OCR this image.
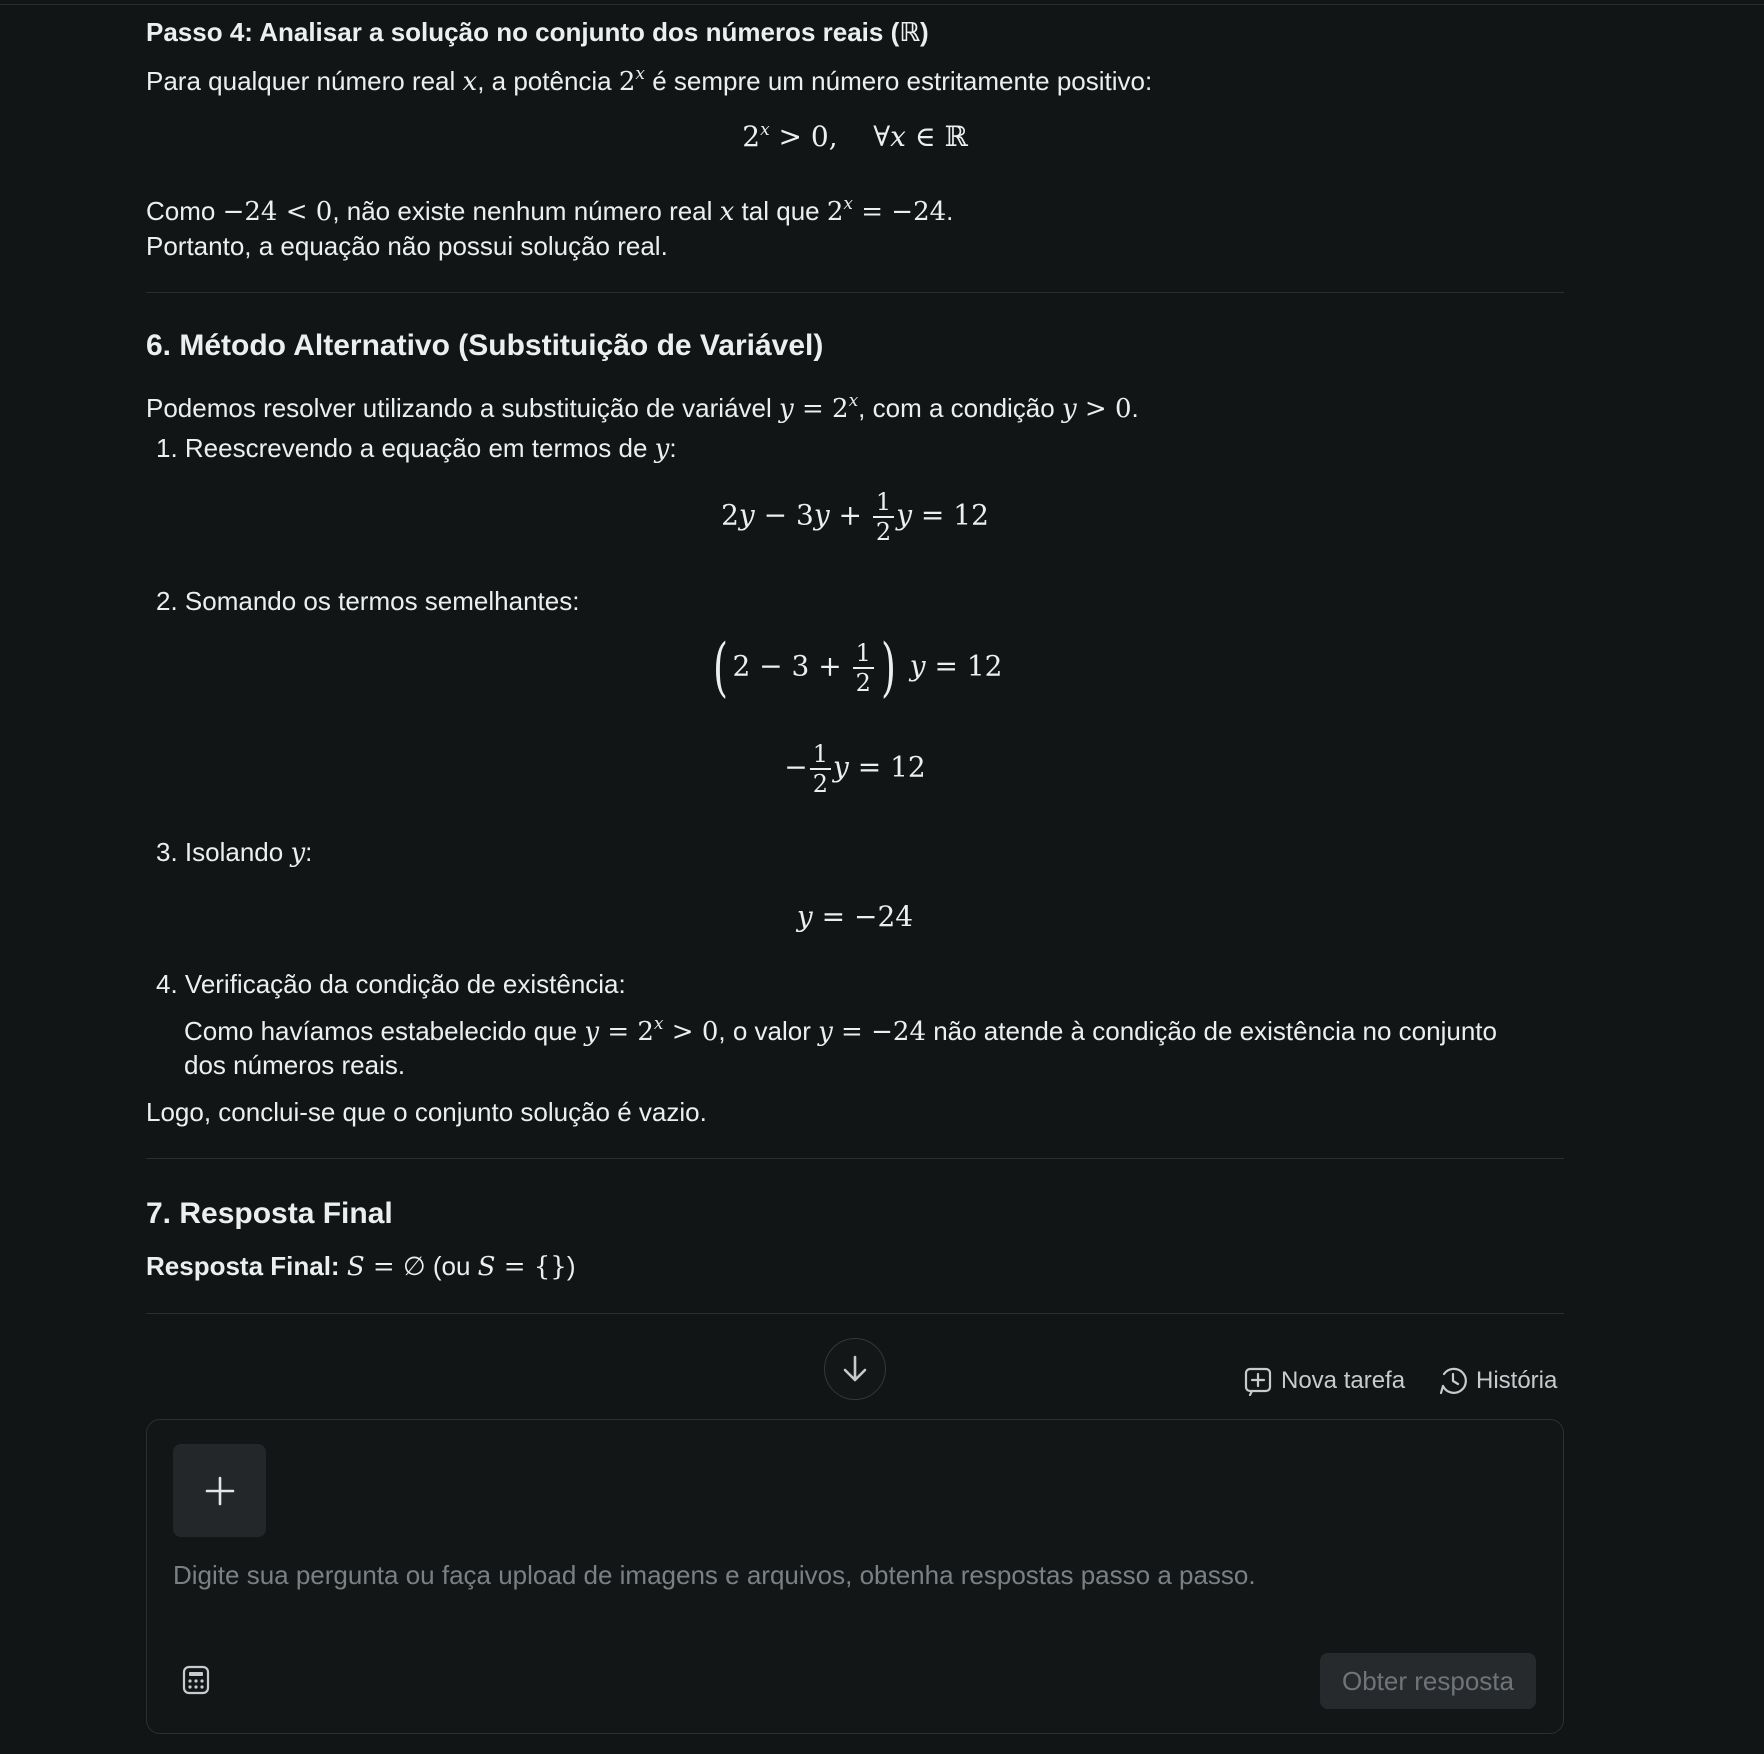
Passo 4: Analisar a solução no conjunto dos números reais (ℝ)
Para qualquer número real x, a potência 2$^x$ é sempre um número estritamente positivo:
$2^x > 0$, ∀x ∈ ℝ
Como −24 < 0, não existe nenhum número real x tal que $2^x = -24$.
Portanto, a equação não possui solução real.
6. Método Alternativo (Substituição de Variável)
Podemos resolver utilizando a substituição de variável $y = 2^x$, com a condição y > 0.
1. Reescrevendo a equação em termos de y:
$2y - 3y + \frac{1}{2}$ y = 12
2. Somando os termos semelhantes:
( $2 - 3 + \frac{1}{2}$ ) y = 12
− $\frac{1}{2}$ y = 12
3. Isolando y:
y = −24
4. Verificação da condição de existência:
Como havíamos estabelecido que $y = 2^x > 0$, o valor y = −24 não atende à condição de existência no conjunto
dos números reais.
Logo, conclui-se que o conjunto solução é vazio.
7. Resposta Final
Resposta Final: S = ∅ (ou S = {})
Nova tarefa	História
Digite sua pergunta ou faça upload de imagens e arquivos, obtenha respostas passo a passo.
Obter resposta
